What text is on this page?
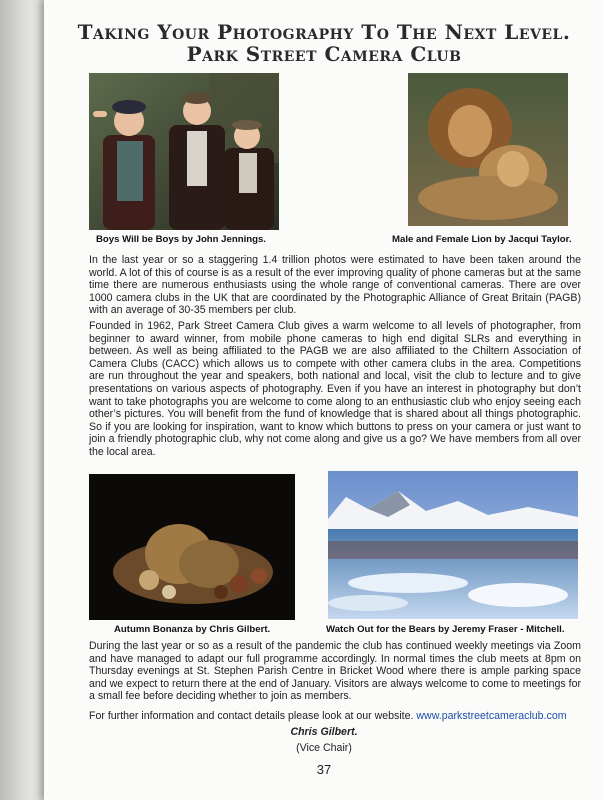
Taking Your Photography To The Next Level.
Park Street Camera Club
Boys Will be Boys by John Jennings.	Male and Female Lion by Jacqui Taylor.

In the last year or so a staggering 1.4 trillion photos were estimated to have been taken around the world. A lot of this of course is as a result of the ever improving quality of phone cameras but at the same time there are numerous enthusiasts using the whole range of conventional cameras. There are over 1000 camera clubs in the UK that are coordinated by the Photographic Alliance of Great Britain (PAGB) with an average of 30-35 members per club.

Founded in 1962, Park Street Camera Club gives a warm welcome to all levels of photographer, from beginner to award winner, from mobile phone cameras to high end digital SLRs and everything in between. As well as being affiliated to the PAGB we are also affiliated to the Chiltern Association of Camera Clubs (CACC) which allows us to compete with other camera clubs in the area. Competitions are run throughout the year and speakers, both national and local, visit the club to lecture and to give presentations on various aspects of photography. Even if you have an interest in photography but don’t want to take photographs you are welcome to come along to an enthusiastic club who enjoy seeing each other’s pictures. You will benefit from the fund of knowledge that is shared about all things photographic. So if you are looking for inspiration, want to know which buttons to press on your camera or just want to join a friendly photographic club, why not come along and give us a go? We have members from all over the local area.

Autumn Bonanza by Chris Gilbert.	Watch Out for the Bears by Jeremy Fraser - Mitchell.

During the last year or so as a result of the pandemic the club has continued weekly meetings via Zoom and have managed to adapt our full programme accordingly. In normal times the club meets at 8pm on Thursday evenings at St. Stephen Parish Centre in Bricket Wood where there is ample parking space and we expect to return there at the end of January. Visitors are always welcome to come to meetings for a small fee before deciding whether to join as members.

For further information and contact details please look at our website. www.parkstreetcameraclub.com

Chris Gilbert.
(Vice Chair)
37
